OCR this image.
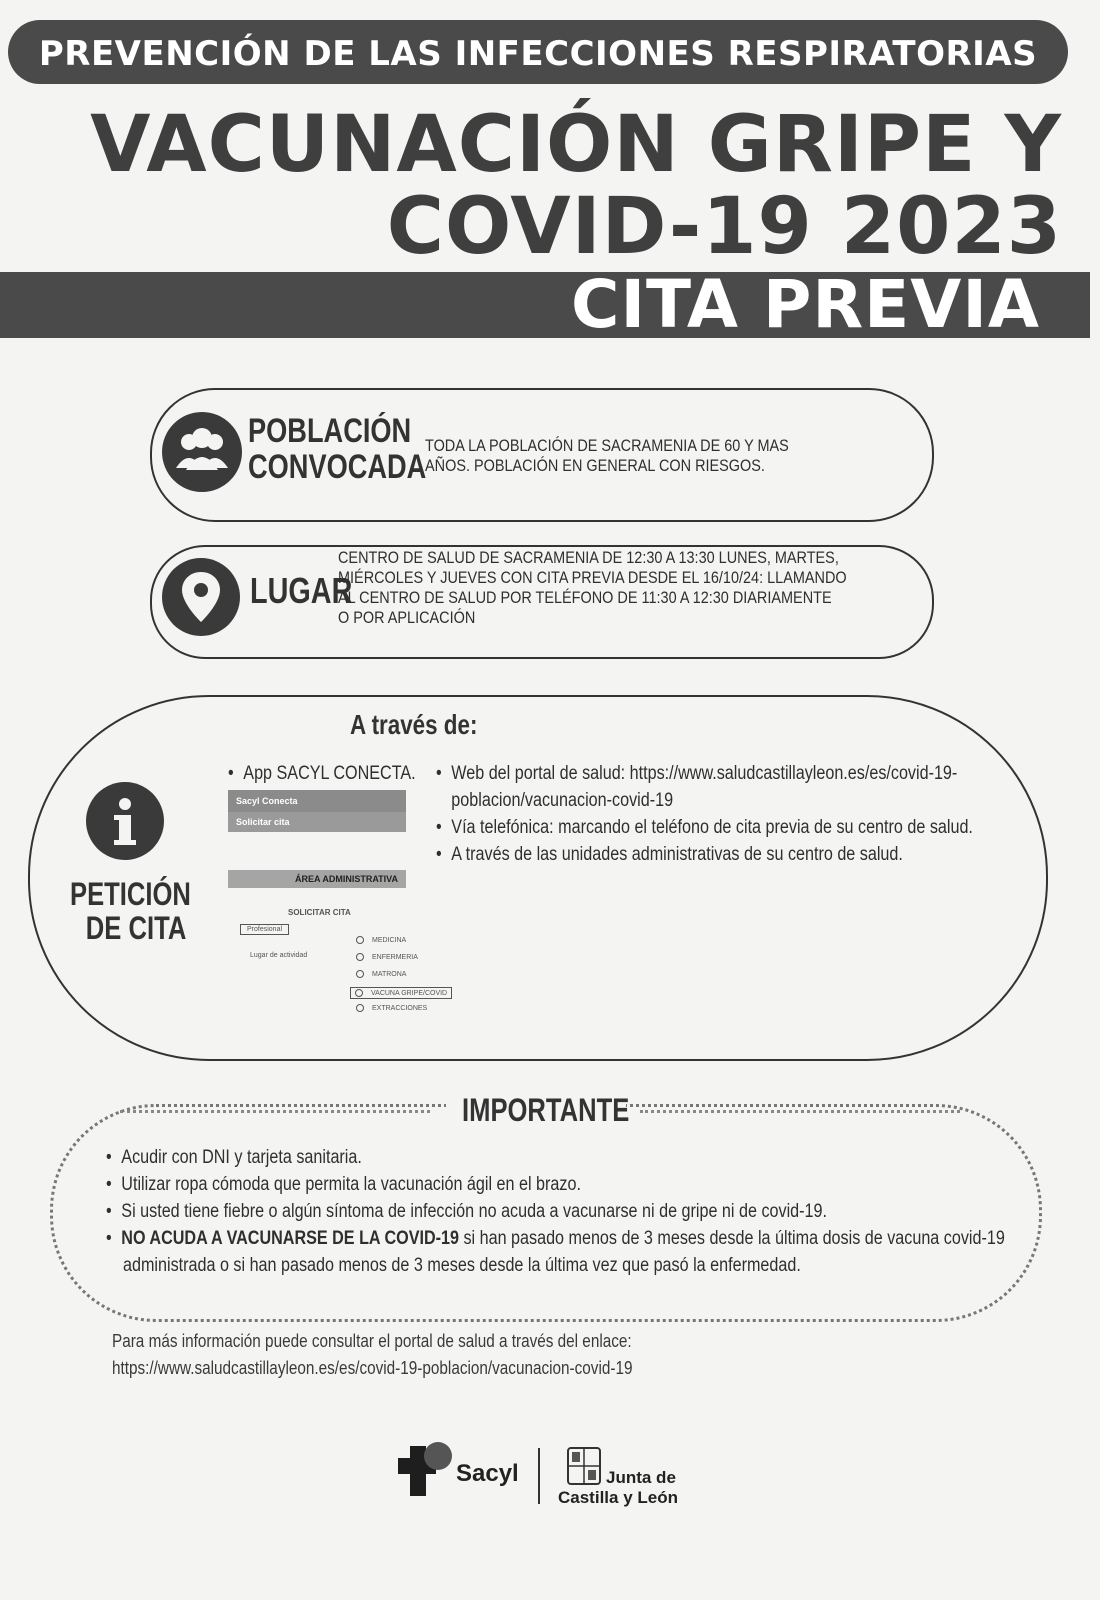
PREVENCIÓN DE LAS INFECCIONES RESPIRATORIAS
VACUNACIÓN GRIPE Y
COVID-19 2023
CITA PREVIA
POBLACIÓN
CONVOCADA
TODA LA POBLACIÓN DE SACRAMENIA DE 60 Y MAS
AÑOS. POBLACIÓN EN GENERAL CON RIESGOS.
LUGAR
CENTRO DE SALUD DE SACRAMENIA DE 12:30 A 13:30 LUNES, MARTES,
MIÉRCOLES Y JUEVES CON CITA PREVIA DESDE EL 16/10/24: LLAMANDO
AL CENTRO DE SALUD POR TELÉFONO DE 11:30 A 12:30 DIARIAMENTE
O POR APLICACIÓN
A través de:
PETICIÓN
DE CITA
• App SACYL CONECTA.
Sacyl Conecta
Solicitar cita
ÁREA ADMINISTRATIVA
SOLICITAR CITA
Profesional
Lugar de actividad
MEDICINA
ENFERMERIA
MATRONA
VACUNA GRIPE/COVID
EXTRACCIONES
• Web del portal de salud: https://www.saludcastillayleon.es/es/covid-19-
poblacion/vacunacion-covid-19
• Vía telefónica: marcando el teléfono de cita previa de su centro de salud.
• A través de las unidades administrativas de su centro de salud.
IMPORTANTE
• Acudir con DNI y tarjeta sanitaria.
• Utilizar ropa cómoda que permita la vacunación ágil en el brazo.
• Si usted tiene fiebre o algún síntoma de infección no acuda a vacunarse ni de gripe ni de covid-19.
• NO ACUDA A VACUNARSE DE LA COVID-19 si han pasado menos de 3 meses desde la última dosis de vacuna covid-19
administrada o si han pasado menos de 3 meses desde la última vez que pasó la enfermedad.
Para más información puede consultar el portal de salud a través del enlace:
https://www.saludcastillayleon.es/es/covid-19-poblacion/vacunacion-covid-19
Sacyl	Junta de
Castilla y León
